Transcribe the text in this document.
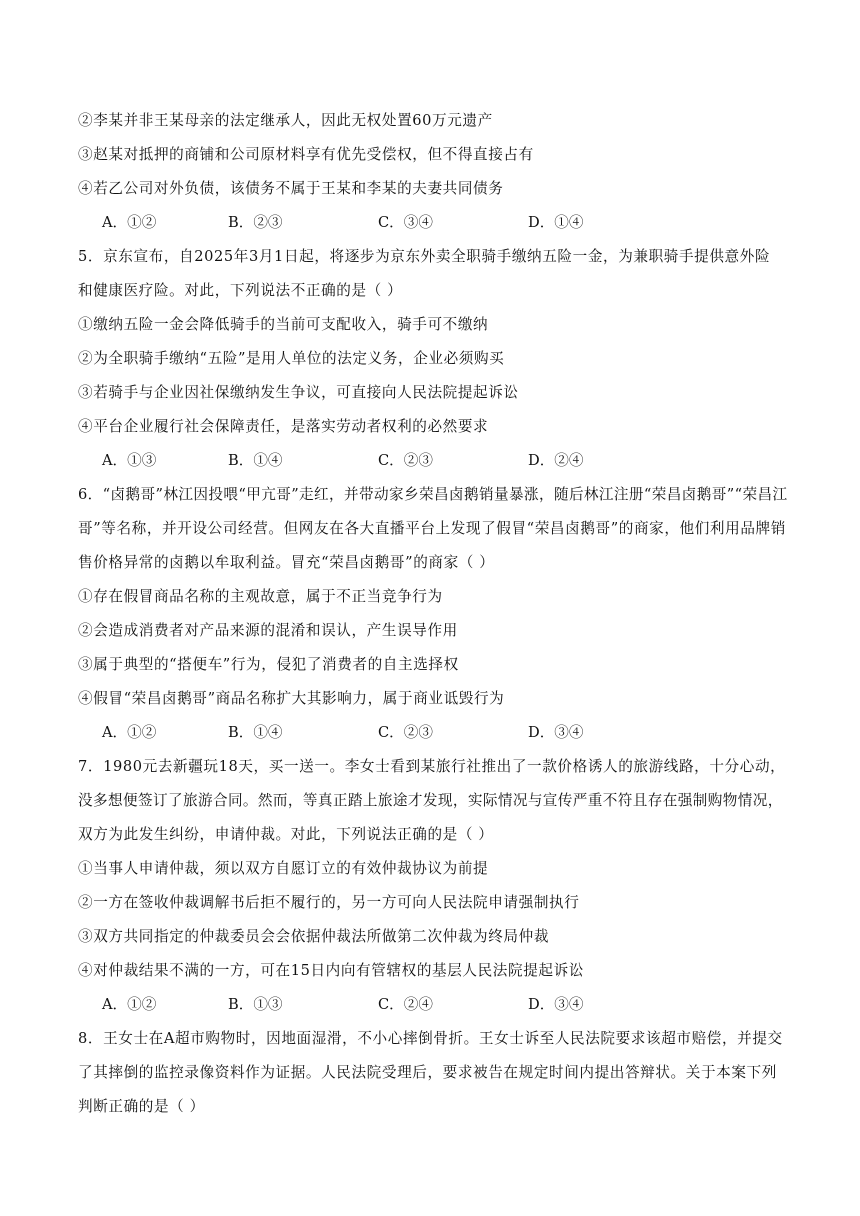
②李某并非王某母亲的法定继承人，因此无权处置60万元遗产
③赵某对抵押的商铺和公司原材料享有优先受偿权，但不得直接占有
④若乙公司对外负债，该债务不属于王某和李某的夫妻共同债务
A．①②	B．②③	C．③④	D．①④
5．京东宣布，自2025年3月1日起，将逐步为京东外卖全职骑手缴纳五险一金，为兼职骑手提供意外险
和健康医疗险。对此，下列说法不正确的是（ ）
①缴纳五险一金会降低骑手的当前可支配收入，骑手可不缴纳
②为全职骑手缴纳“五险”是用人单位的法定义务，企业必须购买
③若骑手与企业因社保缴纳发生争议，可直接向人民法院提起诉讼
④平台企业履行社会保障责任，是落实劳动者权利的必然要求
A．①③	B．①④	C．②③	D．②④
6．“卤鹅哥”林江因投喂“甲亢哥”走红，并带动家乡荣昌卤鹅销量暴涨，随后林江注册“荣昌卤鹅哥”“荣昌江
哥”等名称，并开设公司经营。但网友在各大直播平台上发现了假冒“荣昌卤鹅哥”的商家，他们利用品牌销
售价格异常的卤鹅以牟取利益。冒充“荣昌卤鹅哥”的商家（ ）
①存在假冒商品名称的主观故意，属于不正当竞争行为
②会造成消费者对产品来源的混淆和误认，产生误导作用
③属于典型的“搭便车”行为，侵犯了消费者的自主选择权
④假冒“荣昌卤鹅哥”商品名称扩大其影响力，属于商业诋毁行为
A．①②	B．①④	C．②③	D．③④
7．1980元去新疆玩18天，买一送一。李女士看到某旅行社推出了一款价格诱人的旅游线路，十分心动，
没多想便签订了旅游合同。然而，等真正踏上旅途才发现，实际情况与宣传严重不符且存在强制购物情况，
双方为此发生纠纷，申请仲裁。对此，下列说法正确的是（ ）
①当事人申请仲裁，须以双方自愿订立的有效仲裁协议为前提
②一方在签收仲裁调解书后拒不履行的，另一方可向人民法院申请强制执行
③双方共同指定的仲裁委员会会依据仲裁法所做第二次仲裁为终局仲裁
④对仲裁结果不满的一方，可在15日内向有管辖权的基层人民法院提起诉讼
A．①②	B．①③	C．②④	D．③④
8．王女士在A超市购物时，因地面湿滑，不小心摔倒骨折。王女士诉至人民法院要求该超市赔偿，并提交
了其摔倒的监控录像资料作为证据。人民法院受理后，要求被告在规定时间内提出答辩状。关于本案下列
判断正确的是（ ）
